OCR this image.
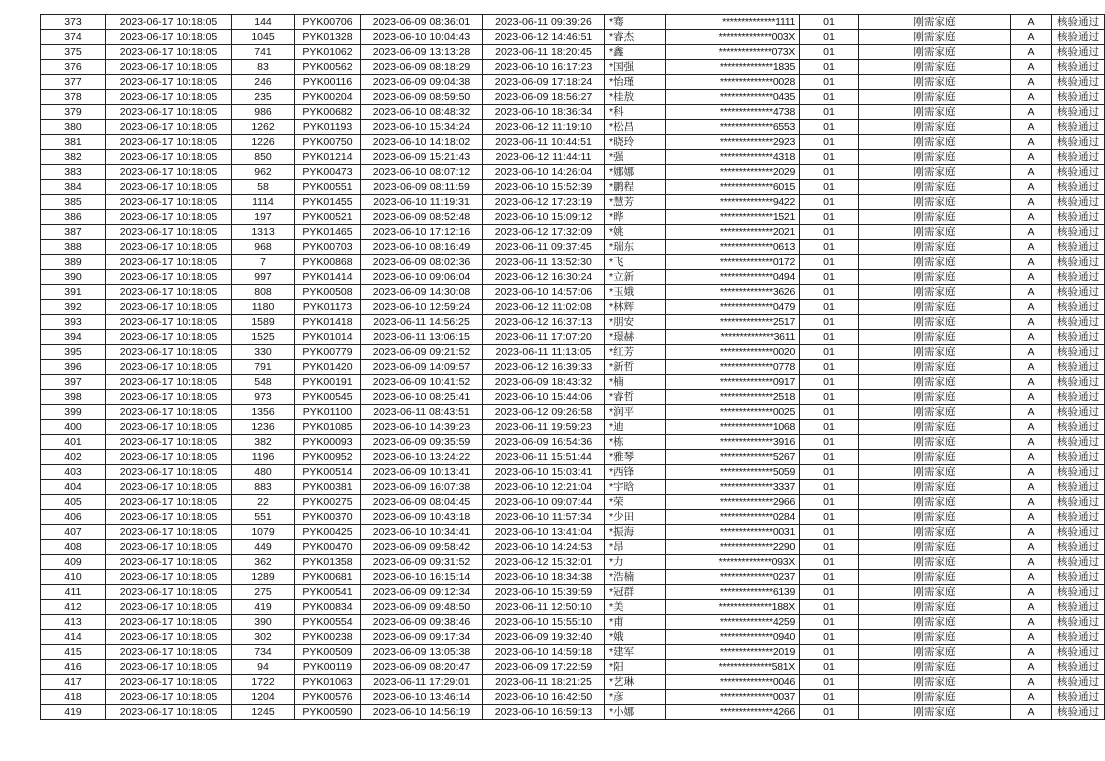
373	2023-06-17 10:18:05	144	PYK00706	2023-06-09 08:36:01	2023-06-11 09:39:26	*骞	**************1111	01	刚需家庭	A	核验通过
374	2023-06-17 10:18:05	1045	PYK01328	2023-06-10 10:04:43	2023-06-12 14:46:51	*睿杰	**************003X	01	刚需家庭	A	核验通过
375	2023-06-17 10:18:05	741	PYK01062	2023-06-09 13:13:28	2023-06-11 18:20:45	*鑫	**************073X	01	刚需家庭	A	核验通过
376	2023-06-17 10:18:05	83	PYK00562	2023-06-09 08:18:29	2023-06-10 16:17:23	*国强	**************1835	01	刚需家庭	A	核验通过
377	2023-06-17 10:18:05	246	PYK00116	2023-06-09 09:04:38	2023-06-09 17:18:24	*怡瑾	**************0028	01	刚需家庭	A	核验通过
378	2023-06-17 10:18:05	235	PYK00204	2023-06-09 08:59:50	2023-06-09 18:56:27	*桂敖	**************0435	01	刚需家庭	A	核验通过
379	2023-06-17 10:18:05	986	PYK00682	2023-06-10 08:48:32	2023-06-10 18:36:34	*科	**************4738	01	刚需家庭	A	核验通过
380	2023-06-17 10:18:05	1262	PYK01193	2023-06-10 15:34:24	2023-06-12 11:19:10	*松昌	**************6553	01	刚需家庭	A	核验通过
381	2023-06-17 10:18:05	1226	PYK00750	2023-06-10 14:18:02	2023-06-11 10:44:51	*晓玲	**************2923	01	刚需家庭	A	核验通过
382	2023-06-17 10:18:05	850	PYK01214	2023-06-09 15:21:43	2023-06-12 11:44:11	*强	**************4318	01	刚需家庭	A	核验通过
383	2023-06-17 10:18:05	962	PYK00473	2023-06-10 08:07:12	2023-06-10 14:26:04	*娜娜	**************2029	01	刚需家庭	A	核验通过
384	2023-06-17 10:18:05	58	PYK00551	2023-06-09 08:11:59	2023-06-10 15:52:39	*鹏程	**************6015	01	刚需家庭	A	核验通过
385	2023-06-17 10:18:05	1114	PYK01455	2023-06-10 11:19:31	2023-06-12 17:23:19	*慧芳	**************9422	01	刚需家庭	A	核验通过
386	2023-06-17 10:18:05	197	PYK00521	2023-06-09 08:52:48	2023-06-10 15:09:12	*晔	**************1521	01	刚需家庭	A	核验通过
387	2023-06-17 10:18:05	1313	PYK01465	2023-06-10 17:12:16	2023-06-12 17:32:09	*姚	**************2021	01	刚需家庭	A	核验通过
388	2023-06-17 10:18:05	968	PYK00703	2023-06-10 08:16:49	2023-06-11 09:37:45	*瑞东	**************0613	01	刚需家庭	A	核验通过
389	2023-06-17 10:18:05	7	PYK00868	2023-06-09 08:02:36	2023-06-11 13:52:30	*飞	**************0172	01	刚需家庭	A	核验通过
390	2023-06-17 10:18:05	997	PYK01414	2023-06-10 09:06:04	2023-06-12 16:30:24	*立新	**************0494	01	刚需家庭	A	核验通过
391	2023-06-17 10:18:05	808	PYK00508	2023-06-09 14:30:08	2023-06-10 14:57:06	*玉娥	**************3626	01	刚需家庭	A	核验通过
392	2023-06-17 10:18:05	1180	PYK01173	2023-06-10 12:59:24	2023-06-12 11:02:08	*林辉	**************0479	01	刚需家庭	A	核验通过
393	2023-06-17 10:18:05	1589	PYK01418	2023-06-11 14:56:25	2023-06-12 16:37:13	*朋安	**************2517	01	刚需家庭	A	核验通过
394	2023-06-17 10:18:05	1525	PYK01014	2023-06-11 13:06:15	2023-06-11 17:07:20	*璟赫	**************3611	01	刚需家庭	A	核验通过
395	2023-06-17 10:18:05	330	PYK00779	2023-06-09 09:21:52	2023-06-11 11:13:05	*红芳	**************0020	01	刚需家庭	A	核验通过
396	2023-06-17 10:18:05	791	PYK01420	2023-06-09 14:09:57	2023-06-12 16:39:33	*新哲	**************0778	01	刚需家庭	A	核验通过
397	2023-06-17 10:18:05	548	PYK00191	2023-06-09 10:41:52	2023-06-09 18:43:32	*楠	**************0917	01	刚需家庭	A	核验通过
398	2023-06-17 10:18:05	973	PYK00545	2023-06-10 08:25:41	2023-06-10 15:44:06	*睿哲	**************2518	01	刚需家庭	A	核验通过
399	2023-06-17 10:18:05	1356	PYK01100	2023-06-11 08:43:51	2023-06-12 09:26:58	*润平	**************0025	01	刚需家庭	A	核验通过
400	2023-06-17 10:18:05	1236	PYK01085	2023-06-10 14:39:23	2023-06-11 19:59:23	*迪	**************1068	01	刚需家庭	A	核验通过
401	2023-06-17 10:18:05	382	PYK00093	2023-06-09 09:35:59	2023-06-09 16:54:36	*栋	**************3916	01	刚需家庭	A	核验通过
402	2023-06-17 10:18:05	1196	PYK00952	2023-06-10 13:24:22	2023-06-11 15:51:44	*雅琴	**************5267	01	刚需家庭	A	核验通过
403	2023-06-17 10:18:05	480	PYK00514	2023-06-09 10:13:41	2023-06-10 15:03:41	*西锋	**************5059	01	刚需家庭	A	核验通过
404	2023-06-17 10:18:05	883	PYK00381	2023-06-09 16:07:38	2023-06-10 12:21:04	*宇晗	**************3337	01	刚需家庭	A	核验通过
405	2023-06-17 10:18:05	22	PYK00275	2023-06-09 08:04:45	2023-06-10 09:07:44	*荣	**************2966	01	刚需家庭	A	核验通过
406	2023-06-17 10:18:05	551	PYK00370	2023-06-09 10:43:18	2023-06-10 11:57:34	*少田	**************0284	01	刚需家庭	A	核验通过
407	2023-06-17 10:18:05	1079	PYK00425	2023-06-10 10:34:41	2023-06-10 13:41:04	*振海	**************0031	01	刚需家庭	A	核验通过
408	2023-06-17 10:18:05	449	PYK00470	2023-06-09 09:58:42	2023-06-10 14:24:53	*昂	**************2290	01	刚需家庭	A	核验通过
409	2023-06-17 10:18:05	362	PYK01358	2023-06-09 09:31:52	2023-06-12 15:32:01	*力	**************093X	01	刚需家庭	A	核验通过
410	2023-06-17 10:18:05	1289	PYK00681	2023-06-10 16:15:14	2023-06-10 18:34:38	*浩楠	**************0237	01	刚需家庭	A	核验通过
411	2023-06-17 10:18:05	275	PYK00541	2023-06-09 09:12:34	2023-06-10 15:39:59	*冠群	**************6139	01	刚需家庭	A	核验通过
412	2023-06-17 10:18:05	419	PYK00834	2023-06-09 09:48:50	2023-06-11 12:50:10	*美	**************188X	01	刚需家庭	A	核验通过
413	2023-06-17 10:18:05	390	PYK00554	2023-06-09 09:38:46	2023-06-10 15:55:10	*甫	**************4259	01	刚需家庭	A	核验通过
414	2023-06-17 10:18:05	302	PYK00238	2023-06-09 09:17:34	2023-06-09 19:32:40	*娥	**************0940	01	刚需家庭	A	核验通过
415	2023-06-17 10:18:05	734	PYK00509	2023-06-09 13:05:38	2023-06-10 14:59:18	*建军	**************2019	01	刚需家庭	A	核验通过
416	2023-06-17 10:18:05	94	PYK00119	2023-06-09 08:20:47	2023-06-09 17:22:59	*阳	**************581X	01	刚需家庭	A	核验通过
417	2023-06-17 10:18:05	1722	PYK01063	2023-06-11 17:29:01	2023-06-11 18:21:25	*艺琳	**************0046	01	刚需家庭	A	核验通过
418	2023-06-17 10:18:05	1204	PYK00576	2023-06-10 13:46:14	2023-06-10 16:42:50	*彦	**************0037	01	刚需家庭	A	核验通过
419	2023-06-17 10:18:05	1245	PYK00590	2023-06-10 14:56:19	2023-06-10 16:59:13	*小娜	**************4266	01	刚需家庭	A	核验通过
